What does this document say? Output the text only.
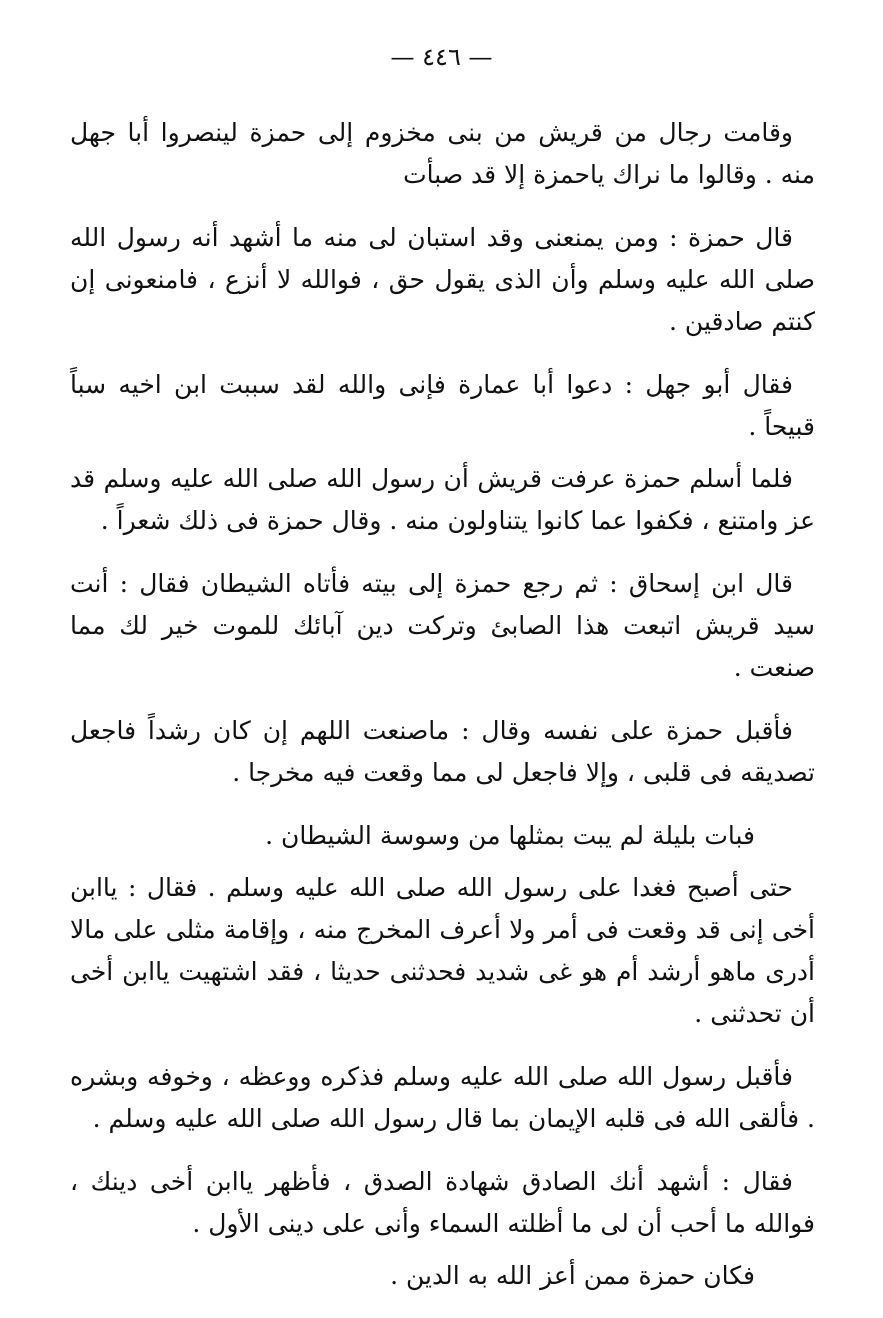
— ٤٤٦ —

وقامت رجال من قريش من بنى مخزوم إلى حمزة لينصروا أبا جهل منه . وقالوا ما نراك ياحمزة إلا قد صبأت

قال حمزة : ومن يمنعنى وقد استبان لى منه ما أشهد أنه رسول الله صلى الله عليه وسلم وأن الذى يقول حق ، فوالله لا أنزع ، فامنعونى إن كنتم صادقين .

فقال أبو جهل : دعوا أبا عمارة فإنى والله لقد سببت ابن اخيه سباً قبيحاً .

فلما أسلم حمزة عرفت قريش أن رسول الله صلى الله عليه وسلم قد عز وامتنع ، فكفوا عما كانوا يتناولون منه . وقال حمزة فى ذلك شعراً .

قال ابن إسحاق : ثم رجع حمزة إلى بيته فأتاه الشيطان فقال : أنت سيد قريش اتبعت هذا الصابئ وتركت دين آبائك للموت خير لك مما صنعت .

فأقبل حمزة على نفسه وقال : ماصنعت اللهم إن كان رشداً فاجعل تصديقه فى قلبى ، وإلا فاجعل لى مما وقعت فيه مخرجا .

فبات بليلة لم يبت بمثلها من وسوسة الشيطان .

حتى أصبح فغدا على رسول الله صلى الله عليه وسلم . فقال : ياابن أخى إنى قد وقعت فى أمر ولا أعرف المخرج منه ، وإقامة مثلى على مالا أدرى ماهو أرشد أم هو غى شديد فحدثنى حديثا ، فقد اشتهيت ياابن أخى أن تحدثنى .

فأقبل رسول الله صلى الله عليه وسلم فذكره ووعظه ، وخوفه وبشره . فألقى الله فى قلبه الإيمان بما قال رسول الله صلى الله عليه وسلم .

فقال : أشهد أنك الصادق شهادة الصدق ، فأظهر ياابن أخى دينك ، فوالله ما أحب أن لى ما أظلته السماء وأنى على دينى الأول .

فكان حمزة ممن أعز الله به الدين .
